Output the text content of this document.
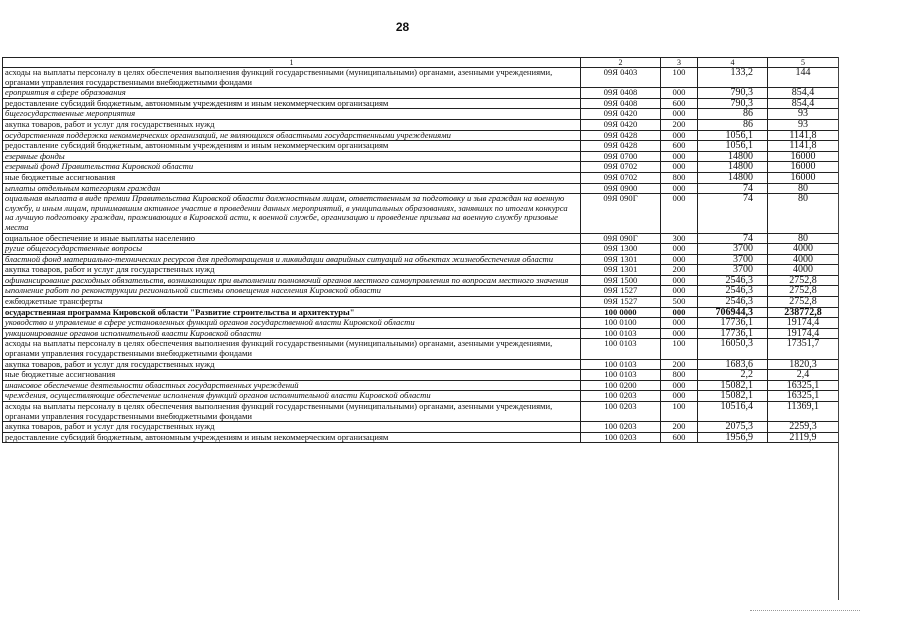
28
1	2	3	4	5
асходы на выплаты персоналу в целях обеспечения выполнения функций государственными (муниципальными) органами, азенными учреждениями, органами управления государственными внебюджетными фондами	09Я 0403	100	133,2	144
ероприятия в сфере образования	09Я 0408	000	790,3	854,4
редоставление субсидий бюджетным, автономным учреждениям и иным некоммерческим организациям	09Я 0408	600	790,3	854,4
бщегосударственные мероприятия	09Я 0420	000	86	93
акупка товаров, работ и услуг для государственных нужд	09Я 0420	200	86	93
осударственная поддержка некоммерческих организаций, не являющихся областными государственными учреждениями	09Я 0428	000	1056,1	1141,8
редоставление субсидий бюджетным, автономным учреждениям и иным некоммерческим организациям	09Я 0428	600	1056,1	1141,8
езервные фонды	09Я 0700	000	14800	16000
езервный фонд Правительства Кировской области	09Я 0702	000	14800	16000
ные бюджетные ассигнования	09Я 0702	800	14800	16000
ыплаты отдельным категориям граждан	09Я 0900	000	74	80
оциальная выплата в виде премии Правительства Кировской области должностным лицам, ответственным за подготовку и зыв граждан на военную службу, и иным лицам, принимавшим активное участие в проведении данных мероприятий, в униципальных образованиях, занявших по итогам конкурса на лучшую подготовку граждан, проживающих в Кировской асти, к военной службе, организацию и проведение призыва на военную службу призовые места	09Я 090Г	000	74	80
оциальное обеспечение и иные выплаты населению	09Я 090Г	300	74	80
ругие общегосударственные вопросы	09Я 1300	000	3700	4000
бластной фонд материально-технических ресурсов для предотвращения и ликвидации аварийных ситуаций на объектах жизнеобеспечения области	09Я 1301	000	3700	4000
акупка товаров, работ и услуг для государственных нужд	09Я 1301	200	3700	4000
офинансирование расходных обязательств, возникающих при выполнении полномочий органов местного самоуправления по вопросам местного значения	09Я 1500	000	2546,3	2752,8
ыполнение работ по реконструкции региональной системы оповещения населения Кировской области	09Я 1527	000	2546,3	2752,8
ежбюджетные трансферты	09Я 1527	500	2546,3	2752,8
осударственная программа Кировской области "Развитие строительства и архитектуры"	100 0000	000	706944,3	238772,8
уководство и управление в сфере установленных функций органов государственной власти Кировской области	100 0100	000	17736,1	19174,4
ункционирование органов исполнительной власти Кировской области	100 0103	000	17736,1	19174,4
асходы на выплаты персоналу в целях обеспечения выполнения функций государственными (муниципальными) органами, азенными учреждениями, органами управления государственными внебюджетными фондами	100 0103	100	16050,3	17351,7
акупка товаров, работ и услуг для государственных нужд	100 0103	200	1683,6	1820,3
ные бюджетные ассигнования	100 0103	800	2,2	2,4
инансовое обеспечение деятельности областных государственных учреждений	100 0200	000	15082,1	16325,1
чреждения, осуществляющие обеспечение исполнения функций органов исполнительной власти Кировской области	100 0203	000	15082,1	16325,1
асходы на выплаты персоналу в целях обеспечения выполнения функций государственными (муниципальными) органами, азенными учреждениями, органами управления государственными внебюджетными фондами	100 0203	100	10516,4	11369,1
акупка товаров, работ и услуг для государственных нужд	100 0203	200	2075,3	2259,3
редоставление субсидий бюджетным, автономным учреждениям и иным некоммерческим организациям	100 0203	600	1956,9	2119,9
